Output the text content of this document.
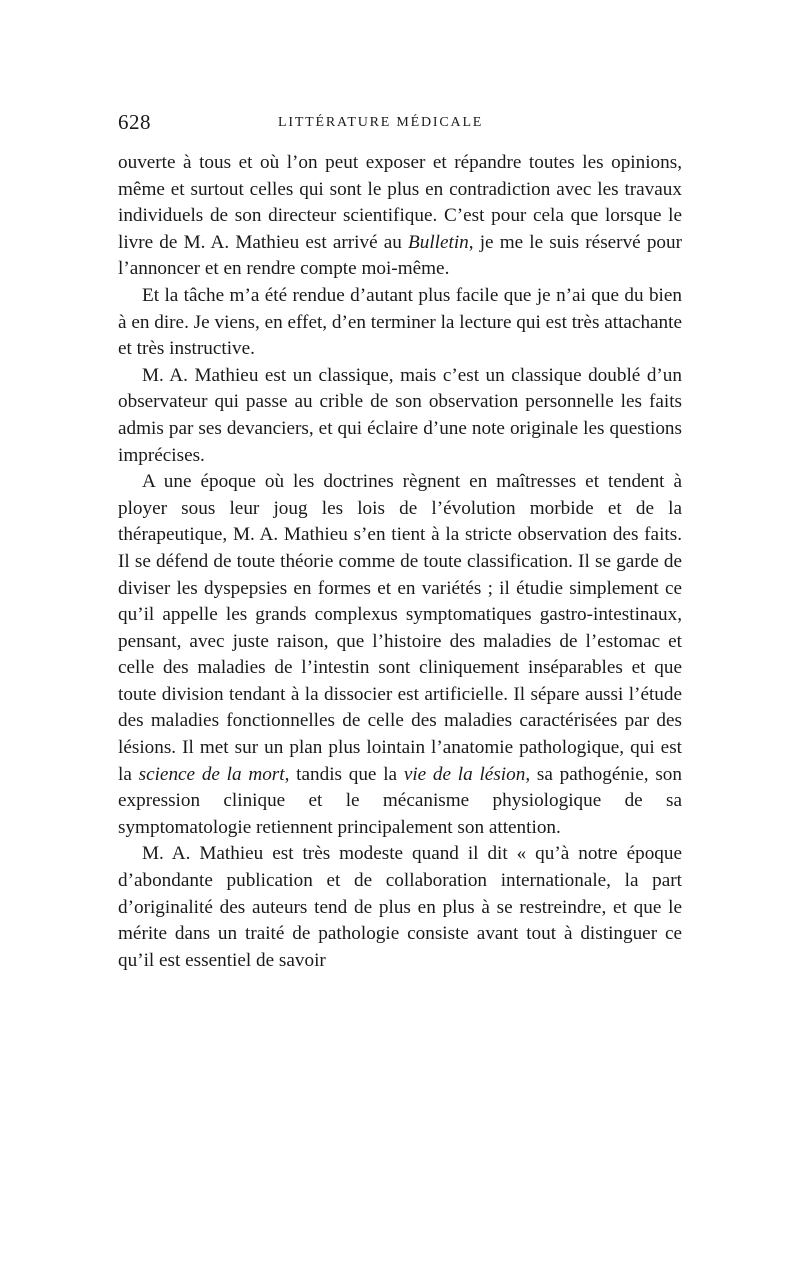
628	LITTÉRATURE MÉDICALE

ouverte à tous et où l’on peut exposer et répandre toutes les opinions, même et surtout celles qui sont le plus en contradiction avec les travaux individuels de son directeur scientifique. C’est pour cela que lorsque le livre de M. A. Mathieu est arrivé au Bulletin, je me le suis réservé pour l’annoncer et en rendre compte moi-même.

Et la tâche m’a été rendue d’autant plus facile que je n’ai que du bien à en dire. Je viens, en effet, d’en terminer la lecture qui est très attachante et très instructive.

M. A. Mathieu est un classique, mais c’est un classique doublé d’un observateur qui passe au crible de son observation personnelle les faits admis par ses devanciers, et qui éclaire d’une note originale les questions imprécises.

A une époque où les doctrines règnent en maîtresses et tendent à ployer sous leur joug les lois de l’évolution morbide et de la thérapeutique, M. A. Mathieu s’en tient à la stricte observation des faits. Il se défend de toute théorie comme de toute classification. Il se garde de diviser les dyspepsies en formes et en variétés ; il étudie simplement ce qu’il appelle les grands complexus symptomatiques gastro-intestinaux, pensant, avec juste raison, que l’histoire des maladies de l’estomac et celle des maladies de l’intestin sont cliniquement inséparables et que toute division tendant à la dissocier est artificielle. Il sépare aussi l’étude des maladies fonctionnelles de celle des maladies caractérisées par des lésions. Il met sur un plan plus lointain l’anatomie pathologique, qui est la science de la mort, tandis que la vie de la lésion, sa pathogénie, son expression clinique et le mécanisme physiologique de sa symptomatologie retiennent principalement son attention.

M. A. Mathieu est très modeste quand il dit « qu’à notre époque d’abondante publication et de collaboration internationale, la part d’originalité des auteurs tend de plus en plus à se restreindre, et que le mérite dans un traité de pathologie consiste avant tout à distinguer ce qu’il est essentiel de savoir
